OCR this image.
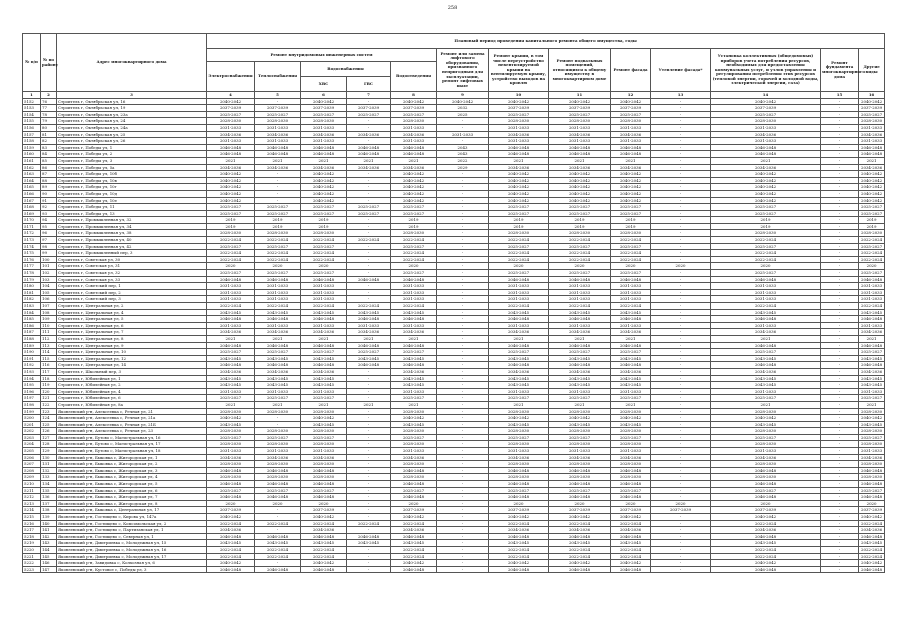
258
№ п/п	№ по району	Адрес многоквартирного дома	Плановый период проведения капитального ремонта общего имущества, годы												
			Ремонт внутридомовых инженерных систем					Ремонт или замена лифтового оборудования, признанного непригодным для эксплуатации, ремонт лифтовых шахт	Ремонт крыши, в том числе переустройство невентилируемой крыши на вентилируемую крышу, устройство выходов на кровлю	Ремонт подвальных помещений, относящихся к общему имуществу в многоквартирном доме	Ремонт фасада	Утепление фасада*	Установка коллективных (общедомовых) приборов учета потребления ресурсов, необходимых для предоставления коммунальных услуг, и узлов управления и регулирования потребления этих ресурсов (тепловой энергии, горячей и холодной воды, электрической энергии, газа)	Ремонт фундамента многоквартирного дома	Другие виды
			Электроснабжения	Теплоснабжения	Водоснабжения		Водоотведения								
					ХВС	ГВС									
1	2	3	4	5	6	7	8	9	10	11	12	13	14	15	16
5152	76	Строитель г, Октябрьская ул, 16	2040-2042	-	2040-2042	-	2040-2042	2040-2042	2040-2042	2040-2042	2040-2042	-	2040-2042	-	2040-2042
5153	77	Строитель г, Октябрьская ул, 19	2037-2039	2037-2039	2037-2039	2037-2039	2037-2039	2032	2037-2039	2037-2039	2037-2039	-	2037-2039	-	2037-2039
5154	78	Строитель г, Октябрьская ул, 23а	2025-2027	2025-2027	2025-2027	2025-2027	2025-2027	2025	2025-2027	2025-2027	2025-2027	-	2025-2027	-	2025-2027
5155	79	Строитель г, Октябрьская ул, 24	2028-2030	2028-2030	2028-2030	-	2028-2030	-	2028-2030	2028-2030	2028-2030	-	2028-2030	-	2028-2030
5156	80	Строитель г, Октябрьская ул, 24а	2031-2033	2031-2033	2031-2033	-	2031-2033	-	2031-2033	2031-2033	2031-2033	-	2031-2033	-	2031-2033
5157	81	Строитель г, Октябрьская ул, 25	2034-2036	2034-2036	2034-2036	2034-2036	2034-2036	2031-2033	2034-2036	2034-2036	2034-2036	-	2034-2036	-	2034-2036
5158	82	Строитель г, Октябрьская ул, 26	2031-2033	2031-2033	2031-2033	-	2031-2033	-	2031-2033	2031-2033	2031-2033	-	2031-2033	-	2031-2033
5159	83	Строитель г, Победы ул, 1	2046-2048	2046-2048	2046-2048	2046-2048	2046-2048	2043	2046-2048	2046-2048	2046-2048	-	2046-2048	-	2046-2048
5160	84	Строитель г, Победы ул, 2	2046-2048	2046-2048	2046-2048	2046-2048	2046-2048	2043	2046-2048	2046-2048	2046-2048	-	2046-2048	-	2046-2048
5161	85	Строитель г, Победы ул, 3	2021	2021	2021	2021	2021	2022	2021	2021	2021	-	2021	-	2021
5162	86	Строитель г, Победы ул, 5а	2034-2036	2034-2036	2034-2036	2034-2036	2034-2036	2029	2034-2036	2034-2036	2034-2036	-	2034-2036	-	2034-2036
5163	87	Строитель г, Победы ул, 10б	2040-2042	-	2040-2042	-	2040-2042	-	2040-2042	2040-2042	2040-2042	-	2040-2042	-	2040-2042
5164	88	Строитель г, Победы ул, 10в	2040-2042	-	2040-2042	-	2040-2042	-	2040-2042	2040-2042	2040-2042	-	2040-2042	-	2040-2042
5165	89	Строитель г, Победы ул, 10г	2040-2042	-	2040-2042	-	2040-2042	-	2040-2042	2040-2042	2040-2042	-	2040-2042	-	2040-2042
5166	90	Строитель г, Победы ул, 10д	2040-2042	-	2040-2042	-	2040-2042	-	2040-2042	2040-2042	2040-2042	-	2040-2042	-	2040-2042
5167	91	Строитель г, Победы ул, 10е	2040-2042	-	2040-2042	-	2040-2042	-	2040-2042	2040-2042	2040-2042	-	2040-2042	-	2040-2042
5168	92	Строитель г, Победы ул, 11	2025-2027	2025-2027	2025-2027	2025-2027	2025-2027	-	2025-2027	2025-2027	2025-2027	-	2025-2027	-	2025-2027
5169	93	Строитель г, Победы ул, 13	2025-2027	2025-2027	2025-2027	2025-2027	2025-2027	-	2025-2027	2025-2027	2025-2027	-	2025-2027	-	2025-2027
5170	94	Строитель г, Промышленная ул, 32	2019	2019	2019	-	2019	-	2019	2019	2019	-	2019	-	2019
5171	95	Строитель г, Промышленная ул, 34	2019	2019	2019	-	2019	-	2019	2019	2019	-	2019	-	2019
5172	96	Строитель г, Промышленная ул, 38	2028-2030	2028-2030	2028-2030	-	2028-2030	-	2028-2030	2028-2030	2028-2030	-	2028-2030	-	2028-2030
5173	97	Строитель г, Промышленная ул, 40	2022-2024	2022-2024	2022-2024	2022-2024	2022-2024	-	2022-2024	2022-2024	2022-2024	-	2022-2024	-	2022-2024
5174	98	Строитель г, Промышленная ул, 42	2025-2027	2025-2027	2025-2027	-	2025-2027	-	2025-2027	2025-2027	2025-2027	-	2025-2027	-	2025-2027
5175	99	Строитель г, Промышленный пер, 3	2022-2024	2022-2024	2022-2024	-	2022-2024	-	2022-2024	2022-2024	2022-2024	-	2022-2024	-	2022-2024
5176	100	Строитель г, Советская ул, 30	2022-2024	2022-2024	2022-2024	-	2022-2024	-	2022-2024	2022-2024	2022-2024	-	2022-2024	-	2022-2024
5177	101	Строитель г, Советская ул, 31	2020	2020	2020	-	2020	-	2020	2020	2020	2020	2020	-	2020
5178	102	Строитель г, Советская ул, 32	2025-2027	2025-2027	2025-2027	-	2025-2027	-	2025-2027	2025-2027	2025-2027	-	2025-2027	-	2025-2027
5179	103	Строитель г, Советская ул, 33	2046-2048	2046-2048	2046-2048	2046-2048	2046-2048	-	2046-2048	2046-2048	2046-2048	-	2046-2048	-	2046-2048
5180	104	Строитель г, Советский пер, 1	2031-2033	2031-2033	2031-2033	-	2031-2033	-	2031-2033	2031-2033	2031-2033	-	2031-2033	-	2031-2033
5181	105	Строитель г, Советский пер, 2	2031-2033	2031-2033	2031-2033	-	2031-2033	-	2031-2033	2031-2033	2031-2033	-	2031-2033	-	2031-2033
5182	106	Строитель г, Советский пер, 3	2031-2033	2031-2033	2031-2033	-	2031-2033	-	2031-2033	2031-2033	2031-2033	-	2031-2033	-	2031-2033
5183	107	Строитель г, Центральная ул, 2	2022-2024	2022-2024	2022-2024	2022-2024	2022-2024	-	2022-2024	2022-2024	2022-2024	-	2022-2024	-	2022-2024
5184	108	Строитель г, Центральная ул, 4	2043-2045	2043-2045	2043-2045	2043-2045	2043-2045	-	2043-2045	2043-2045	2043-2045	-	2043-2045	-	2043-2045
5185	109	Строитель г, Центральная ул, 5	2046-2048	2046-2048	2046-2048	2046-2048	2046-2048	-	2046-2048	2046-2048	2046-2048	-	2046-2048	-	2046-2048
5186	110	Строитель г, Центральная ул, 6	2031-2033	2031-2033	2031-2033	2031-2033	2031-2033	-	2031-2033	2031-2033	2031-2033	-	2031-2033	-	2031-2033
5187	111	Строитель г, Центральная ул, 7	2034-2036	2034-2036	2034-2036	2034-2036	2034-2036	-	2034-2036	2034-2036	2034-2036	-	2034-2036	-	2034-2036
5188	112	Строитель г, Центральная ул, 8	2021	2021	2021	2021	2021	-	2021	2021	2021	-	2021	-	2021
5189	113	Строитель г, Центральная ул, 9	2046-2048	2046-2048	2046-2048	2046-2048	2046-2048	-	2046-2048	2046-2048	2046-2048	-	2046-2048	-	2046-2048
5190	114	Строитель г, Центральная ул, 10	2025-2027	2025-2027	2025-2027	2025-2027	2025-2027	-	2025-2027	2025-2027	2025-2027	-	2025-2027	-	2025-2027
5191	115	Строитель г, Центральная ул, 12	2043-2045	2043-2045	2043-2045	2043-2045	2043-2045	-	2043-2045	2043-2045	2043-2045	-	2043-2045	-	2043-2045
5192	116	Строитель г, Центральная ул, 14	2046-2048	2046-2048	2046-2048	2046-2048	2046-2048	-	2046-2048	2046-2048	2046-2048	-	2046-2048	-	2046-2048
5193	117	Строитель г, Школьный пер, 3	2034-2036	2034-2036	2034-2036	-	2034-2036	-	2034-2036	2034-2036	2034-2036	-	2034-2036	-	2034-2036
5194	118	Строитель г, Юбилейная ул, 1	2043-2045	2043-2045	2043-2045	-	2043-2045	-	2043-2045	2043-2045	2043-2045	-	2043-2045	-	2043-2045
5195	119	Строитель г, Юбилейная ул, 2	2043-2045	2043-2045	2043-2045	-	2043-2045	-	2043-2045	2043-2045	2043-2045	-	2043-2045	-	2043-2045
5196	120	Строитель г, Юбилейная ул, 4	2031-2033	2031-2033	2031-2033	-	2031-2033	-	2031-2033	2031-2033	2031-2033	-	2031-2033	-	2031-2033
5197	121	Строитель г, Юбилейная ул, 6	2025-2027	2025-2027	2025-2027	-	2025-2027	-	2025-2027	2025-2027	2025-2027	-	2025-2027	-	2025-2027
5198	122	Строитель г, Юбилейная ул, 8а	2021	2021	2021	2021	2021	-	2021	2021	2021	-	2021	-	2021
5199	123	Яковлевский р-н, Алексеевка с, Речная ул, 21	2028-2030	2028-2030	2028-2030	-	2028-2030	-	2028-2030	2028-2030	2028-2030	-	2028-2030	-	2028-2030
5200	124	Яковлевский р-н, Алексеевка с, Речная ул, 21а	2040-2042	-	2040-2042	-	2040-2042	-	2040-2042	2040-2042	2040-2042	-	2040-2042	-	2040-2042
5201	125	Яковлевский р-н, Алексеевка с, Речная ул, 21Б	2043-2045	-	2043-2045	-	2043-2045	-	2043-2045	2043-2045	2043-2045	-	2043-2045	-	2043-2045
5202	126	Яковлевский р-н, Алексеевка с, Речная ул, 23	2028-2030	2028-2030	2028-2030	-	2028-2030	-	2028-2030	2028-2030	2028-2030	-	2028-2030	-	2028-2030
5203	127	Яковлевский р-н, Бутово с, Магистральная ул, 16	2025-2027	2025-2027	2025-2027	-	2025-2027	-	2025-2027	2025-2027	2025-2027	-	2025-2027	-	2025-2027
5204	128	Яковлевский р-н, Бутово с, Магистральная ул, 17	2028-2030	2028-2030	2028-2030	-	2028-2030	-	2028-2030	2028-2030	2028-2030	-	2028-2030	-	2028-2030
5205	129	Яковлевский р-н, Бутово с, Магистральная ул, 18	2031-2033	2031-2033	2031-2033	-	2031-2033	-	2031-2033	2031-2033	2031-2033	-	2031-2033	-	2031-2033
5206	130	Яковлевский р-н, Быковка с, Жигородская ул, 1	2034-2036	2034-2036	2034-2036	-	2034-2036	-	2034-2036	2034-2036	2034-2036	-	2034-2036	-	2034-2036
5207	131	Яковлевский р-н, Быковка с, Жигородская ул, 2	2028-2030	2028-2030	2028-2030	-	2028-2030	-	2028-2030	2028-2030	2028-2030	-	2028-2030	-	2028-2030
5208	132	Яковлевский р-н, Быковка с, Жигородская ул, 3	2046-2048	2046-2048	2046-2048	-	2046-2048	-	2046-2048	2046-2048	2046-2048	-	2046-2048	-	2046-2048
5209	133	Яковлевский р-н, Быковка с, Жигородская ул, 4	2028-2030	2028-2030	2028-2030	-	2028-2030	-	2028-2030	2028-2030	2028-2030	-	2028-2030	-	2028-2030
5210	134	Яковлевский р-н, Быковка с, Жигородская ул, 5	2046-2048	2046-2048	2046-2048	-	2046-2048	-	2046-2048	2046-2048	2046-2048	-	2046-2048	-	2046-2048
5211	135	Яковлевский р-н, Быковка с, Жигородская ул, 6	2025-2027	2025-2027	2025-2027	-	2025-2027	-	2025-2027	2025-2027	2025-2027	-	2025-2027	-	2025-2027
5212	136	Яковлевский р-н, Быковка с, Жигородская ул, 7	2046-2048	2046-2048	2046-2048	-	2046-2048	-	2046-2048	2046-2048	2046-2048	-	2046-2048	-	2046-2048
5213	137	Яковлевский р-н, Быковка с, Жигородская ул, 8	2020	2020	2020	-	2020	-	2020	2020	2020	2020	2020	-	2020
5214	138	Яковлевский р-н, Быковка с, Центральная ул, 17	2037-2039	-	2037-2039	-	2037-2039	-	2037-2039	2037-2039	2037-2039	2037-2039	2037-2039	-	2037-2039
5215	139	Яковлевский р-н, Гостищево с, Кирова ул, 147а	2040-2042	-	2040-2042	-	2040-2042	-	2040-2042	2040-2042	2040-2042	-	2040-2042	-	2040-2042
5216	140	Яковлевский р-н, Гостищево с, Комсомольская ул, 2	2022-2024	2022-2024	2022-2024	2022-2024	2022-2024	-	2022-2024	2022-2024	2022-2024	-	2022-2024	-	2022-2024
5217	141	Яковлевский р-н, Гостищево с, Партизанская ул, 1	2034-2036	-	2034-2036	-	2034-2036	-	2034-2036	2034-2036	2034-2036	-	2034-2036	-	2034-2036
5218	142	Яковлевский р-н, Гостищево с, Северная ул, 1	2046-2048	2046-2048	2046-2048	2046-2048	2046-2048	-	2046-2048	2046-2048	2046-2048	-	2046-2048	-	2046-2048
5219	143	Яковлевский р-н, Дмитриевка с, Молодежная ул, 15	2043-2045	2043-2045	2043-2045	2043-2045	2043-2045	-	2043-2045	2043-2045	2043-2045	-	2043-2045	-	2043-2045
5220	144	Яковлевский р-н, Дмитриевка с, Молодежная ул, 16	2022-2024	2022-2024	2022-2024	-	2022-2024	-	2022-2024	2022-2024	2022-2024	-	2022-2024	-	2022-2024
5221	145	Яковлевский р-н, Дмитриевка с, Молодежная ул, 17	2022-2024	2022-2024	2022-2024	-	2022-2024	-	2022-2024	2022-2024	2022-2024	-	2022-2024	-	2022-2024
5222	146	Яковлевский р-н, Завидовка с, Колхозная ул, 6	2040-2042	-	2040-2042	-	2040-2042	-	2040-2042	2040-2042	2040-2042	-	2040-2042	-	2040-2042
5223	147	Яковлевский р-н, Кустовое с, Победы ул, 3	2046-2048	2046-2048	2046-2048	-	2046-2048	-	2046-2048	2046-2048	2046-2048	-	2046-2048	-	2046-2048
